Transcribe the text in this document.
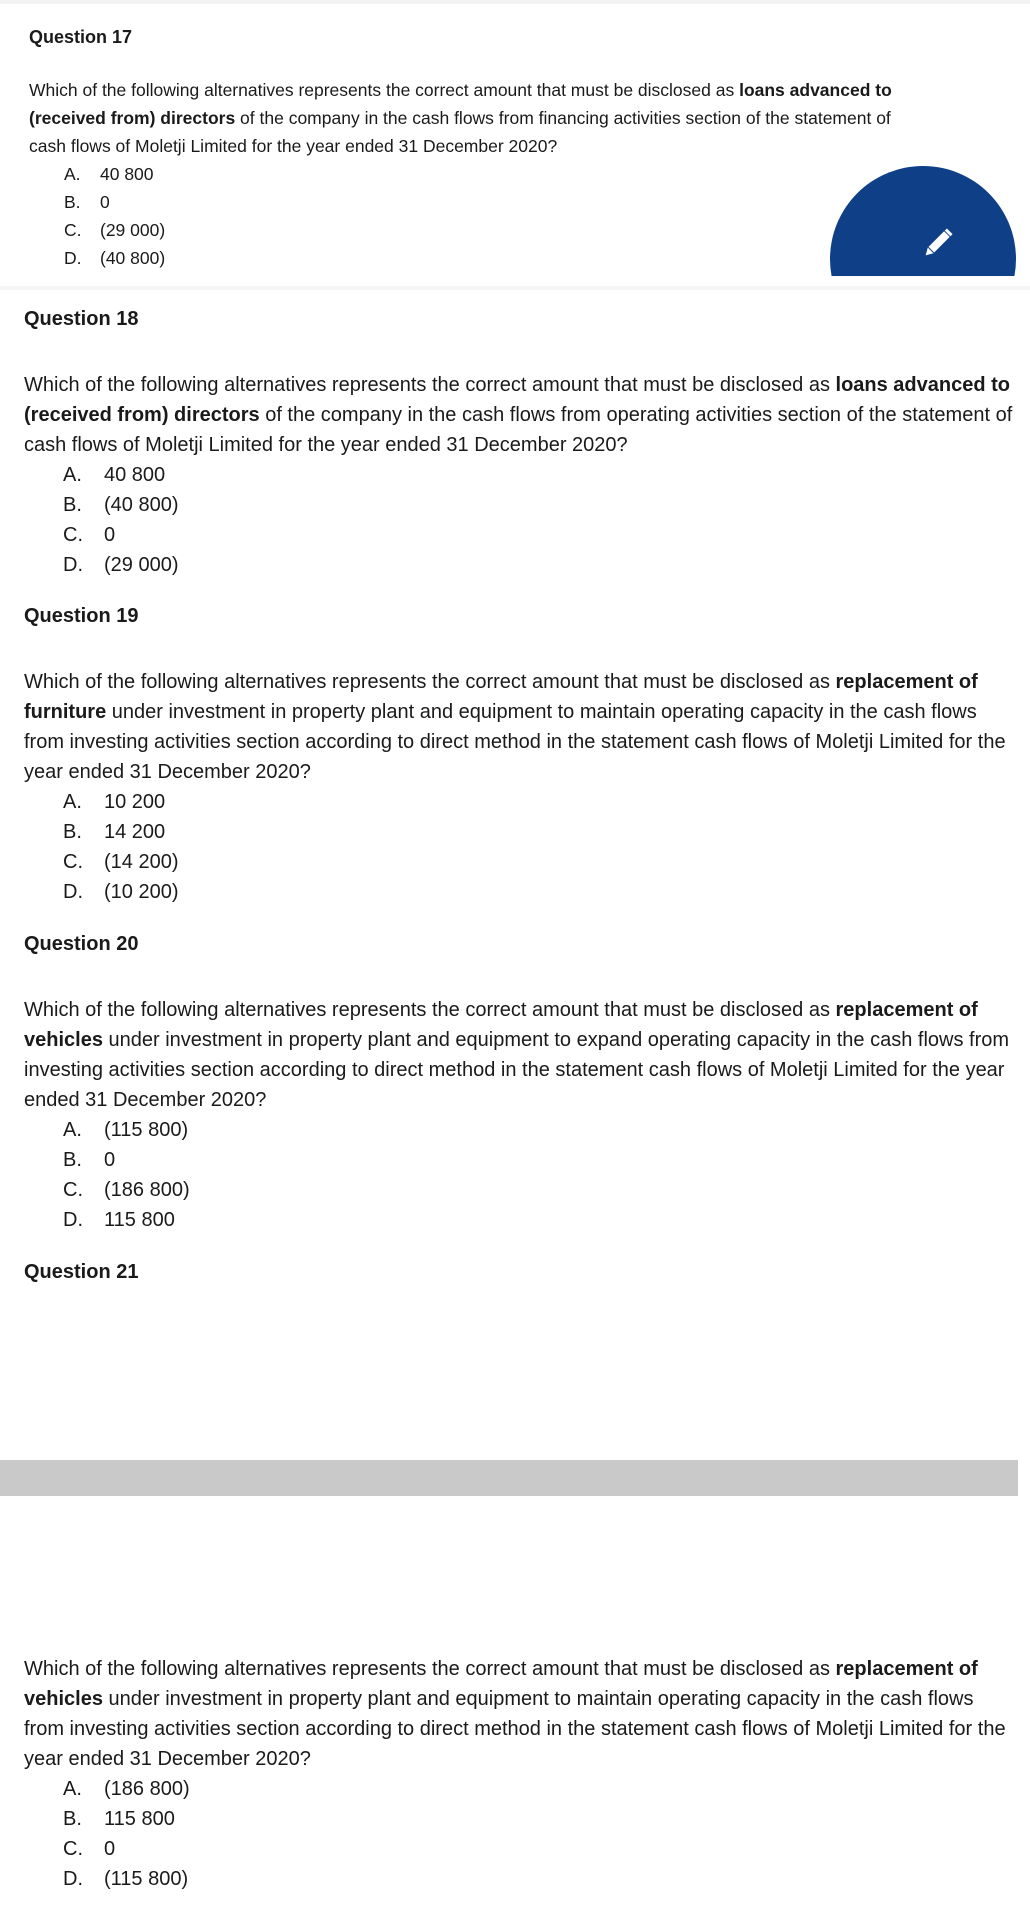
Question 17

Which of the following alternatives represents the correct amount that must be disclosed as loans advanced to (received from) directors of the company in the cash flows from financing activities section of the statement of cash flows of Moletji Limited for the year ended 31 December 2020?

A.	40 800
B.	0
C.	(29 000)
D.	(40 800)

Question 18

Which of the following alternatives represents the correct amount that must be disclosed as loans advanced to (received from) directors of the company in the cash flows from operating activities section of the statement of cash flows of Moletji Limited for the year ended 31 December 2020?

A.	40 800
B.	(40 800)
C.	0
D.	(29 000)

Question 19

Which of the following alternatives represents the correct amount that must be disclosed as replacement of furniture under investment in property plant and equipment to maintain operating capacity in the cash flows from investing activities section according to direct method in the statement cash flows of Moletji Limited for the year ended 31 December 2020?

A.	10 200
B.	14 200
C.	(14 200)
D.	(10 200)

Question 20

Which of the following alternatives represents the correct amount that must be disclosed as replacement of vehicles under investment in property plant and equipment to expand operating capacity in the cash flows from investing activities section according to direct method in the statement cash flows of Moletji Limited for the year ended 31 December 2020?

A.	(115 800)
B.	0
C.	(186 800)
D.	115 800

Question 21

Which of the following alternatives represents the correct amount that must be disclosed as replacement of vehicles under investment in property plant and equipment to maintain operating capacity in the cash flows from investing activities section according to direct method in the statement cash flows of Moletji Limited for the year ended 31 December 2020?

A.	(186 800)
B.	115 800
C.	0
D.	(115 800)
